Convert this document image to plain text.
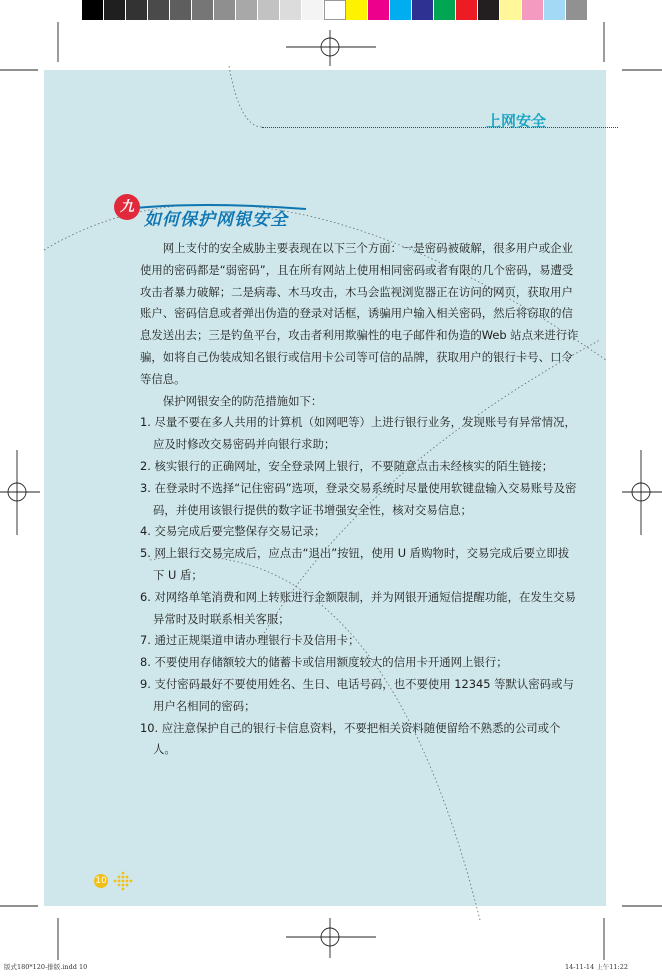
上网安全
九
如何保护网银安全

网上支付的安全威胁主要表现在以下三个方面：一是密码被破解，很多用户或企业使用的密码都是“弱密码”，且在所有网站上使用相同密码或者有限的几个密码，易遭受攻击者暴力破解；二是病毒、木马攻击，木马会监视浏览器正在访问的网页，获取用户账户、密码信息或者弹出伪造的登录对话框，诱骗用户输入相关密码，然后将窃取的信息发送出去；三是钓鱼平台，攻击者利用欺骗性的电子邮件和伪造的Web 站点来进行诈骗，如将自己伪装成知名银行或信用卡公司等可信的品牌，获取用户的银行卡号、口令等信息。

保护网银安全的防范措施如下：

1. 尽量不要在多人共用的计算机（如网吧等）上进行银行业务，发现账号有异常情况，应及时修改交易密码并向银行求助；

2. 核实银行的正确网址，安全登录网上银行，不要随意点击未经核实的陌生链接；

3. 在登录时不选择“记住密码”选项，登录交易系统时尽量使用软键盘输入交易账号及密码，并使用该银行提供的数字证书增强安全性，核对交易信息；

4. 交易完成后要完整保存交易记录；

5. 网上银行交易完成后，应点击“退出”按钮，使用 U 盾购物时，交易完成后要立即拔下 U 盾；

6. 对网络单笔消费和网上转账进行金额限制，并为网银开通短信提醒功能，在发生交易异常时及时联系相关客服；

7. 通过正规渠道申请办理银行卡及信用卡；

8. 不要使用存储额较大的储蓄卡或信用额度较大的信用卡开通网上银行；

9. 支付密码最好不要使用姓名、生日、电话号码，也不要使用 12345 等默认密码或与用户名相同的密码；

10. 应注意保护自己的银行卡信息资料，不要把相关资料随便留给不熟悉的公司或个人。

10
版式180*120-排版.indd 10	14-11-14 上午11:22
